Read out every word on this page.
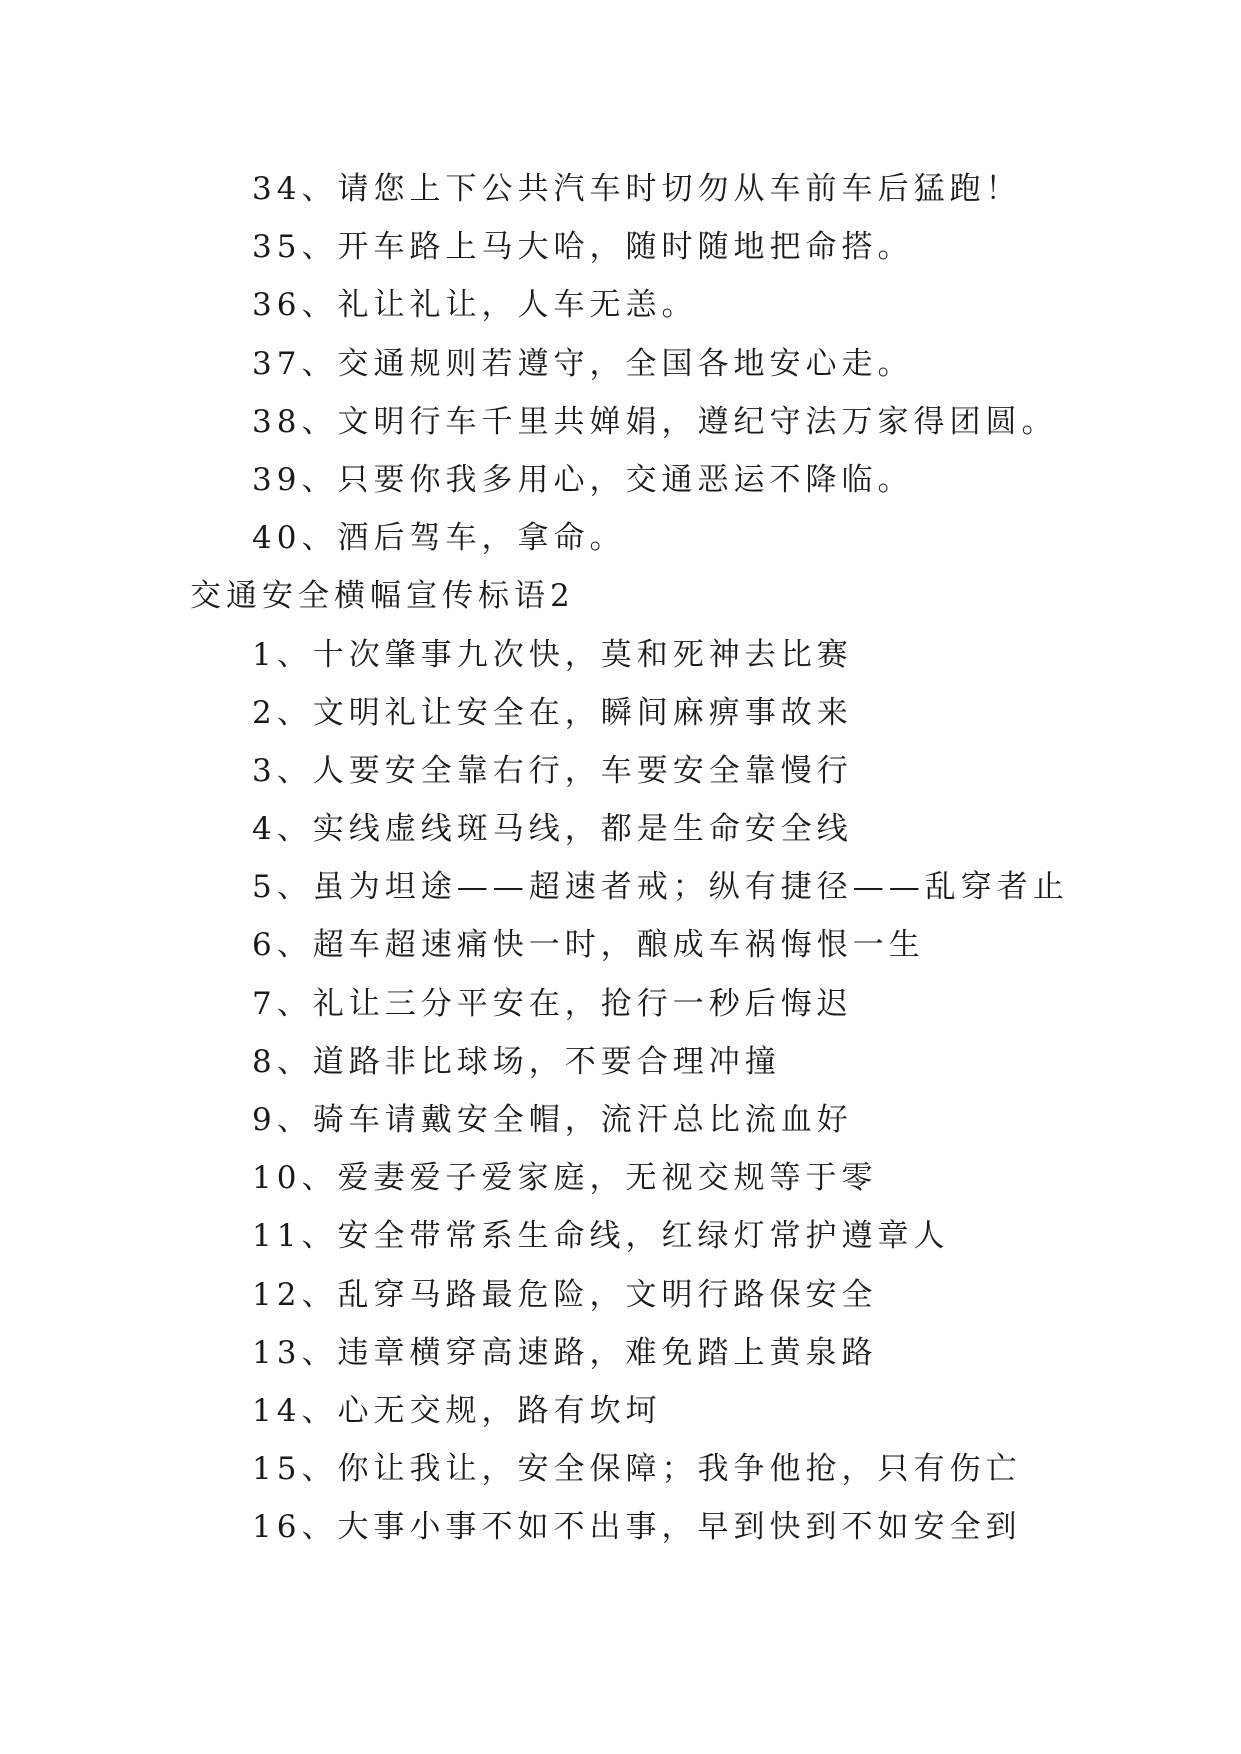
34、请您上下公共汽车时切勿从车前车后猛跑！
35、开车路上马大哈，随时随地把命搭。
36、礼让礼让，人车无恙。
37、交通规则若遵守，全国各地安心走。
38、文明行车千里共婵娟，遵纪守法万家得团圆。
39、只要你我多用心，交通恶运不降临。
40、酒后驾车，拿命。
交通安全横幅宣传标语2
1、十次肇事九次快，莫和死神去比赛
2、文明礼让安全在，瞬间麻痹事故来
3、人要安全靠右行，车要安全靠慢行
4、实线虚线斑马线，都是生命安全线
5、虽为坦途——超速者戒；纵有捷径——乱穿者止
6、超车超速痛快一时，酿成车祸悔恨一生
7、礼让三分平安在，抢行一秒后悔迟
8、道路非比球场，不要合理冲撞
9、骑车请戴安全帽，流汗总比流血好
10、爱妻爱子爱家庭，无视交规等于零
11、安全带常系生命线，红绿灯常护遵章人
12、乱穿马路最危险，文明行路保安全
13、违章横穿高速路，难免踏上黄泉路
14、心无交规，路有坎坷
15、你让我让，安全保障；我争他抢，只有伤亡
16、大事小事不如不出事，早到快到不如安全到
